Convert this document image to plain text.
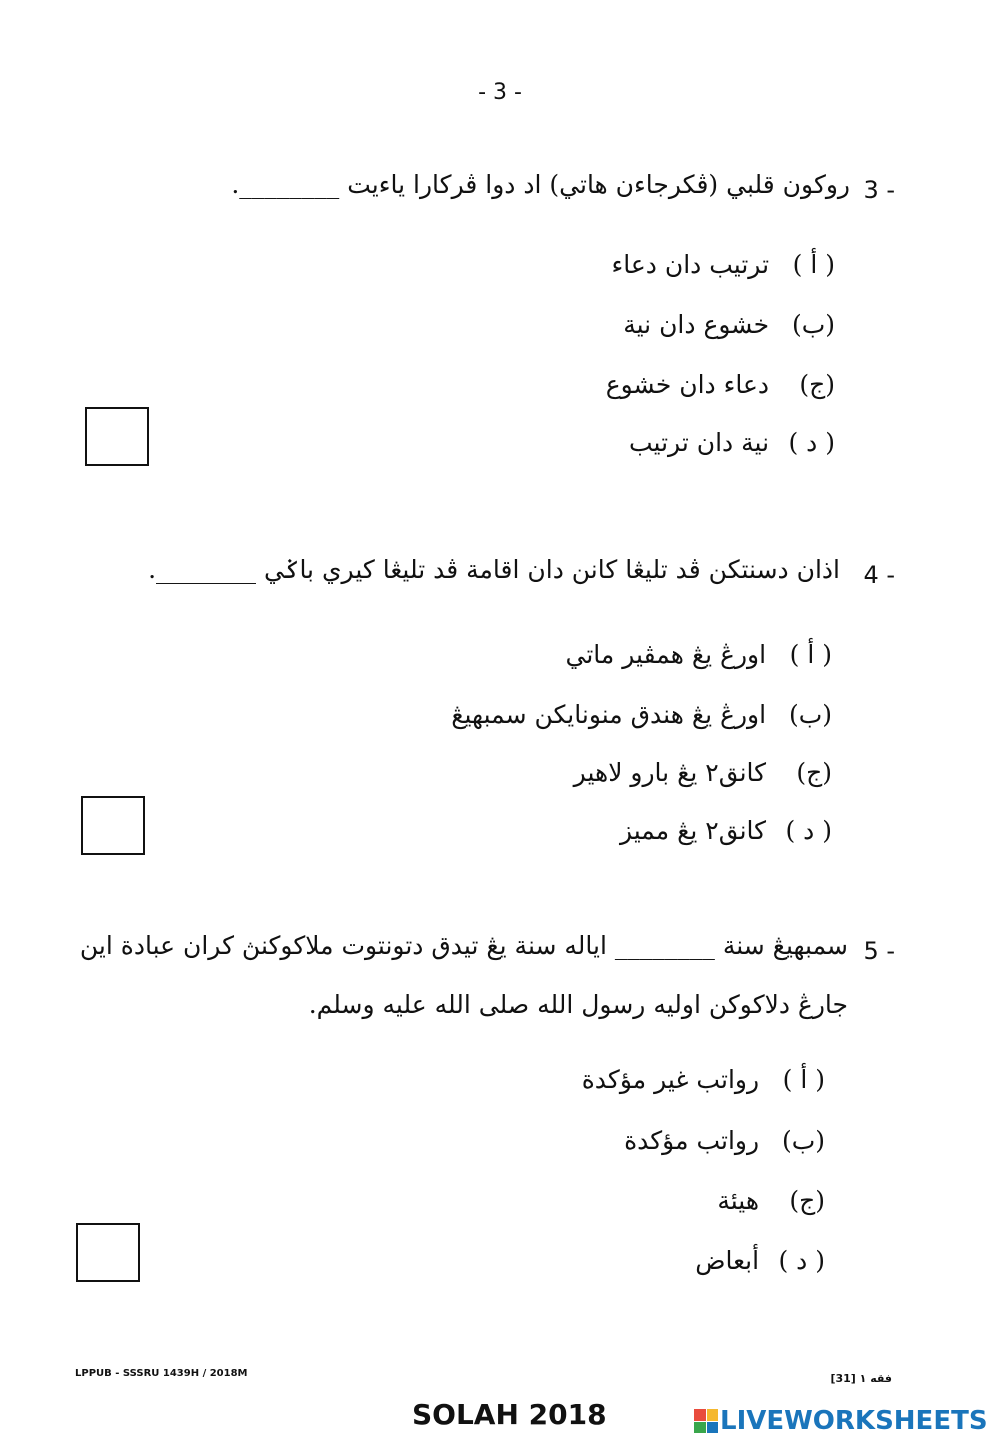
- 3 -
3 -
روکون قلبي (ڤکرجاءن هاتي) اد دوا ڤرکارا ياءيت ________.
( أ ) ترتيب دان دعاء
(ب) خشوع دان نية
(ج) دعاء دان خشوع
( د ) نية دان ترتيب
4 -
اذان دسنتکن ڤد تليڠا کانن دان اقامة ڤد تليڠا کيري باݢي ________.
( أ ) اورڠ يڠ همڤير ماتي
(ب) اورڠ يڠ هندق منونايکن سمبهيڠ
(ج) کانق٢ يڠ بارو لاهير
( د ) کانق٢ يڠ مميز
5 -
سمبهيڠ سنة ________ اياله سنة يڠ تيدق دتونتوت ملاکوکنڽ کران عبادة اين
جارڠ دلاکوکن اوليه رسول الله صلى الله عليه وسلم.
( أ ) رواتب غير مؤکدة
(ب) رواتب مؤکدة
(ج) هيئة
( د ) أبعاض
LPPUB - SSSRU 1439H / 2018M	فقه ١ [31]
SOLAH 2018	LIVEWORKSHEETS
